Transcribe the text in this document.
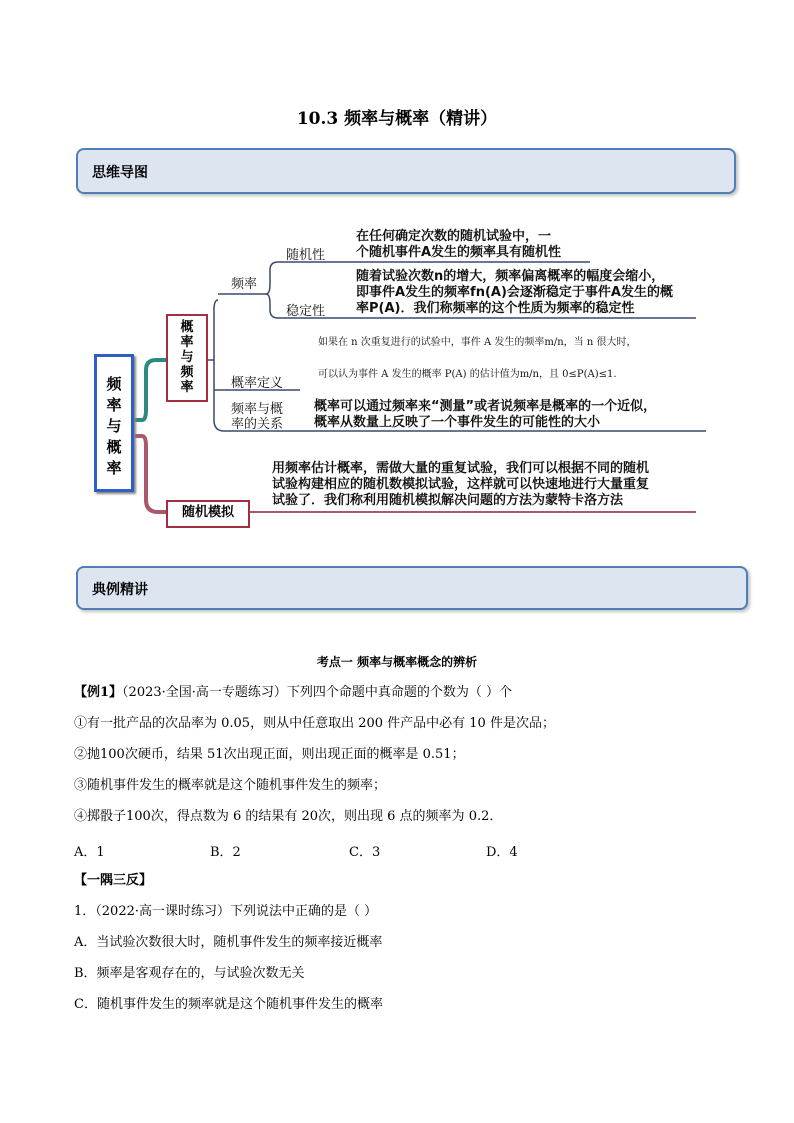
10.3 频率与概率（精讲）
思维导图
频
率
与
概
率
概
率
与
频
率
随机模拟
频率
随机性
在任何确定次数的随机试验中，一
个随机事件A发生的频率具有随机性
稳定性
随着试验次数n的增大，频率偏离概率的幅度会缩小，
即事件A发生的频率fn(A)会逐渐稳定于事件A发生的概
率P(A)．我们称频率的这个性质为频率的稳定性
概率定义
如果在 n 次重复进行的试验中，事件 A 发生的频率m/n，当 n 很大时，
可以认为事件 A 发生的概率 P(A) 的估计值为m/n，且 0≤P(A)≤1.
频率与概
率的关系
概率可以通过频率来“测量”或者说频率是概率的一个近似，
概率从数量上反映了一个事件发生的可能性的大小
用频率估计概率，需做大量的重复试验，我们可以根据不同的随机
试验构建相应的随机数模拟试验，这样就可以快速地进行大量重复
试验了．我们称利用随机模拟解决问题的方法为蒙特卡洛方法
典例精讲
考点一 频率与概率概念的辨析
【例1】（2023·全国·高一专题练习）下列四个命题中真命题的个数为（ ）个
①有一批产品的次品率为 0.05，则从中任意取出 200 件产品中必有 10 件是次品；
②抛100次硬币，结果 51次出现正面，则出现正面的概率是 0.51；
③随机事件发生的概率就是这个随机事件发生的频率；
④掷骰子100次，得点数为 6 的结果有 20次，则出现 6 点的频率为 0.2．
A．1	B．2	C．3	D．4
【一隅三反】
1．（2022·高一课时练习）下列说法中正确的是（ ）
A．当试验次数很大时，随机事件发生的频率接近概率
B．频率是客观存在的，与试验次数无关
C．随机事件发生的频率就是这个随机事件发生的概率
